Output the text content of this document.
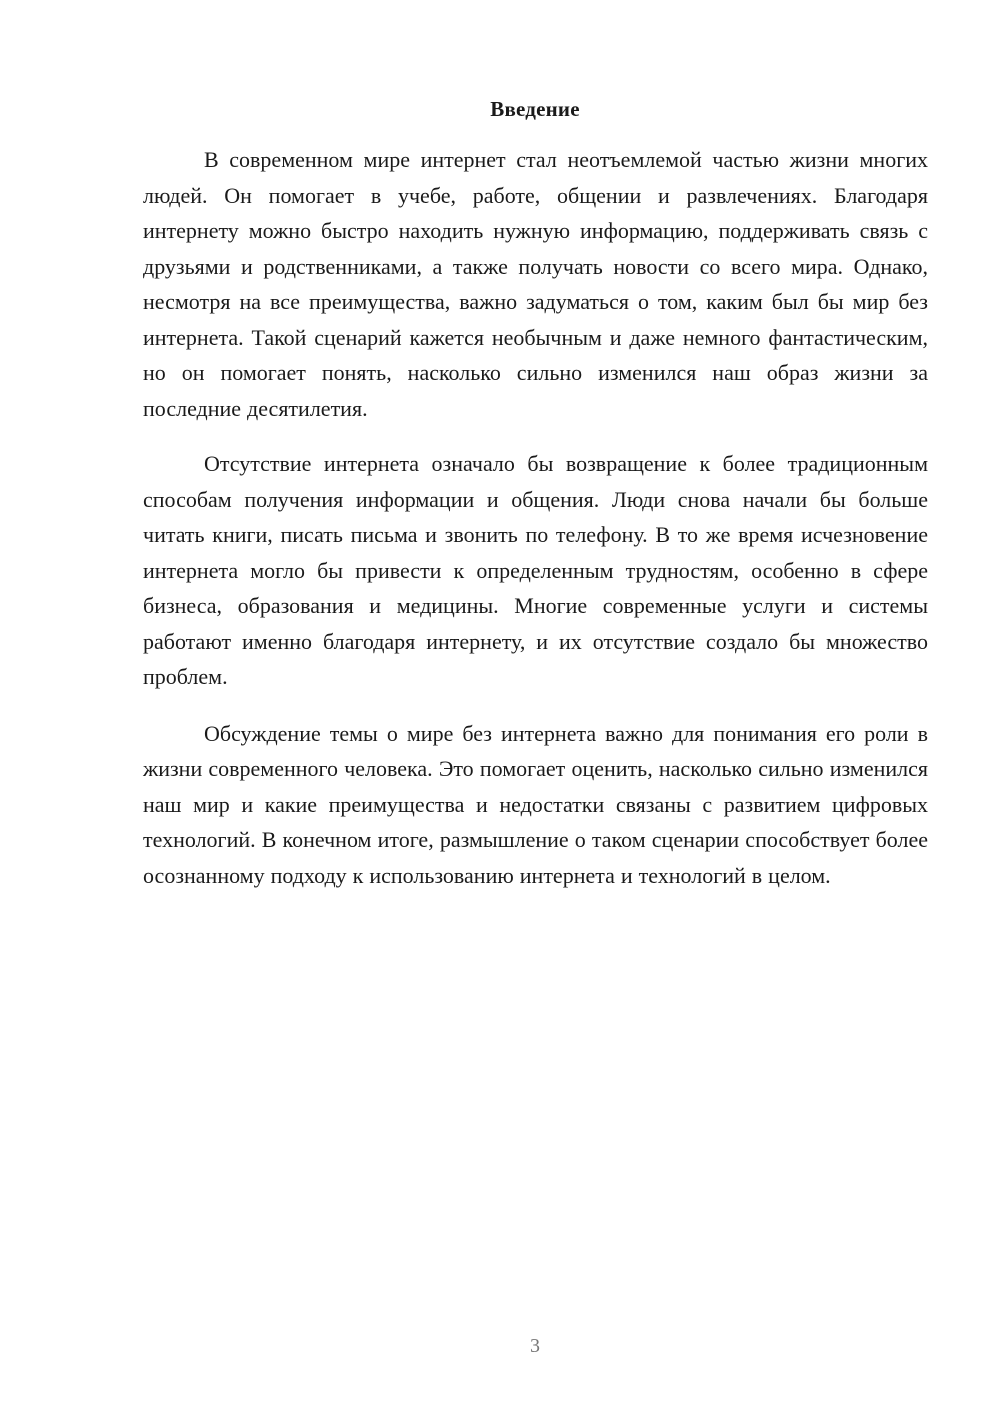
Введение

В современном мире интернет стал неотъемлемой частью жизни многих людей. Он помогает в учебе, работе, общении и развлечениях. Благодаря интернету можно быстро находить нужную информацию, поддерживать связь с друзьями и родственниками, а также получать новости со всего мира. Однако, несмотря на все преимущества, важно задуматься о том, каким был бы мир без интернета. Такой сценарий кажется необычным и даже немного фантастическим, но он помогает понять, насколько сильно изменился наш образ жизни за последние десятилетия.

Отсутствие интернета означало бы возвращение к более традиционным способам получения информации и общения. Люди снова начали бы больше читать книги, писать письма и звонить по телефону. В то же время исчезновение интернета могло бы привести к определенным трудностям, особенно в сфере бизнеса, образования и медицины. Многие современные услуги и системы работают именно благодаря интернету, и их отсутствие создало бы множество проблем.

Обсуждение темы о мире без интернета важно для понимания его роли в жизни современного человека. Это помогает оценить, насколько сильно изменился наш мир и какие преимущества и недостатки связаны с развитием цифровых технологий. В конечном итоге, размышление о таком сценарии способствует более осознанному подходу к использованию интернета и технологий в целом.

3
